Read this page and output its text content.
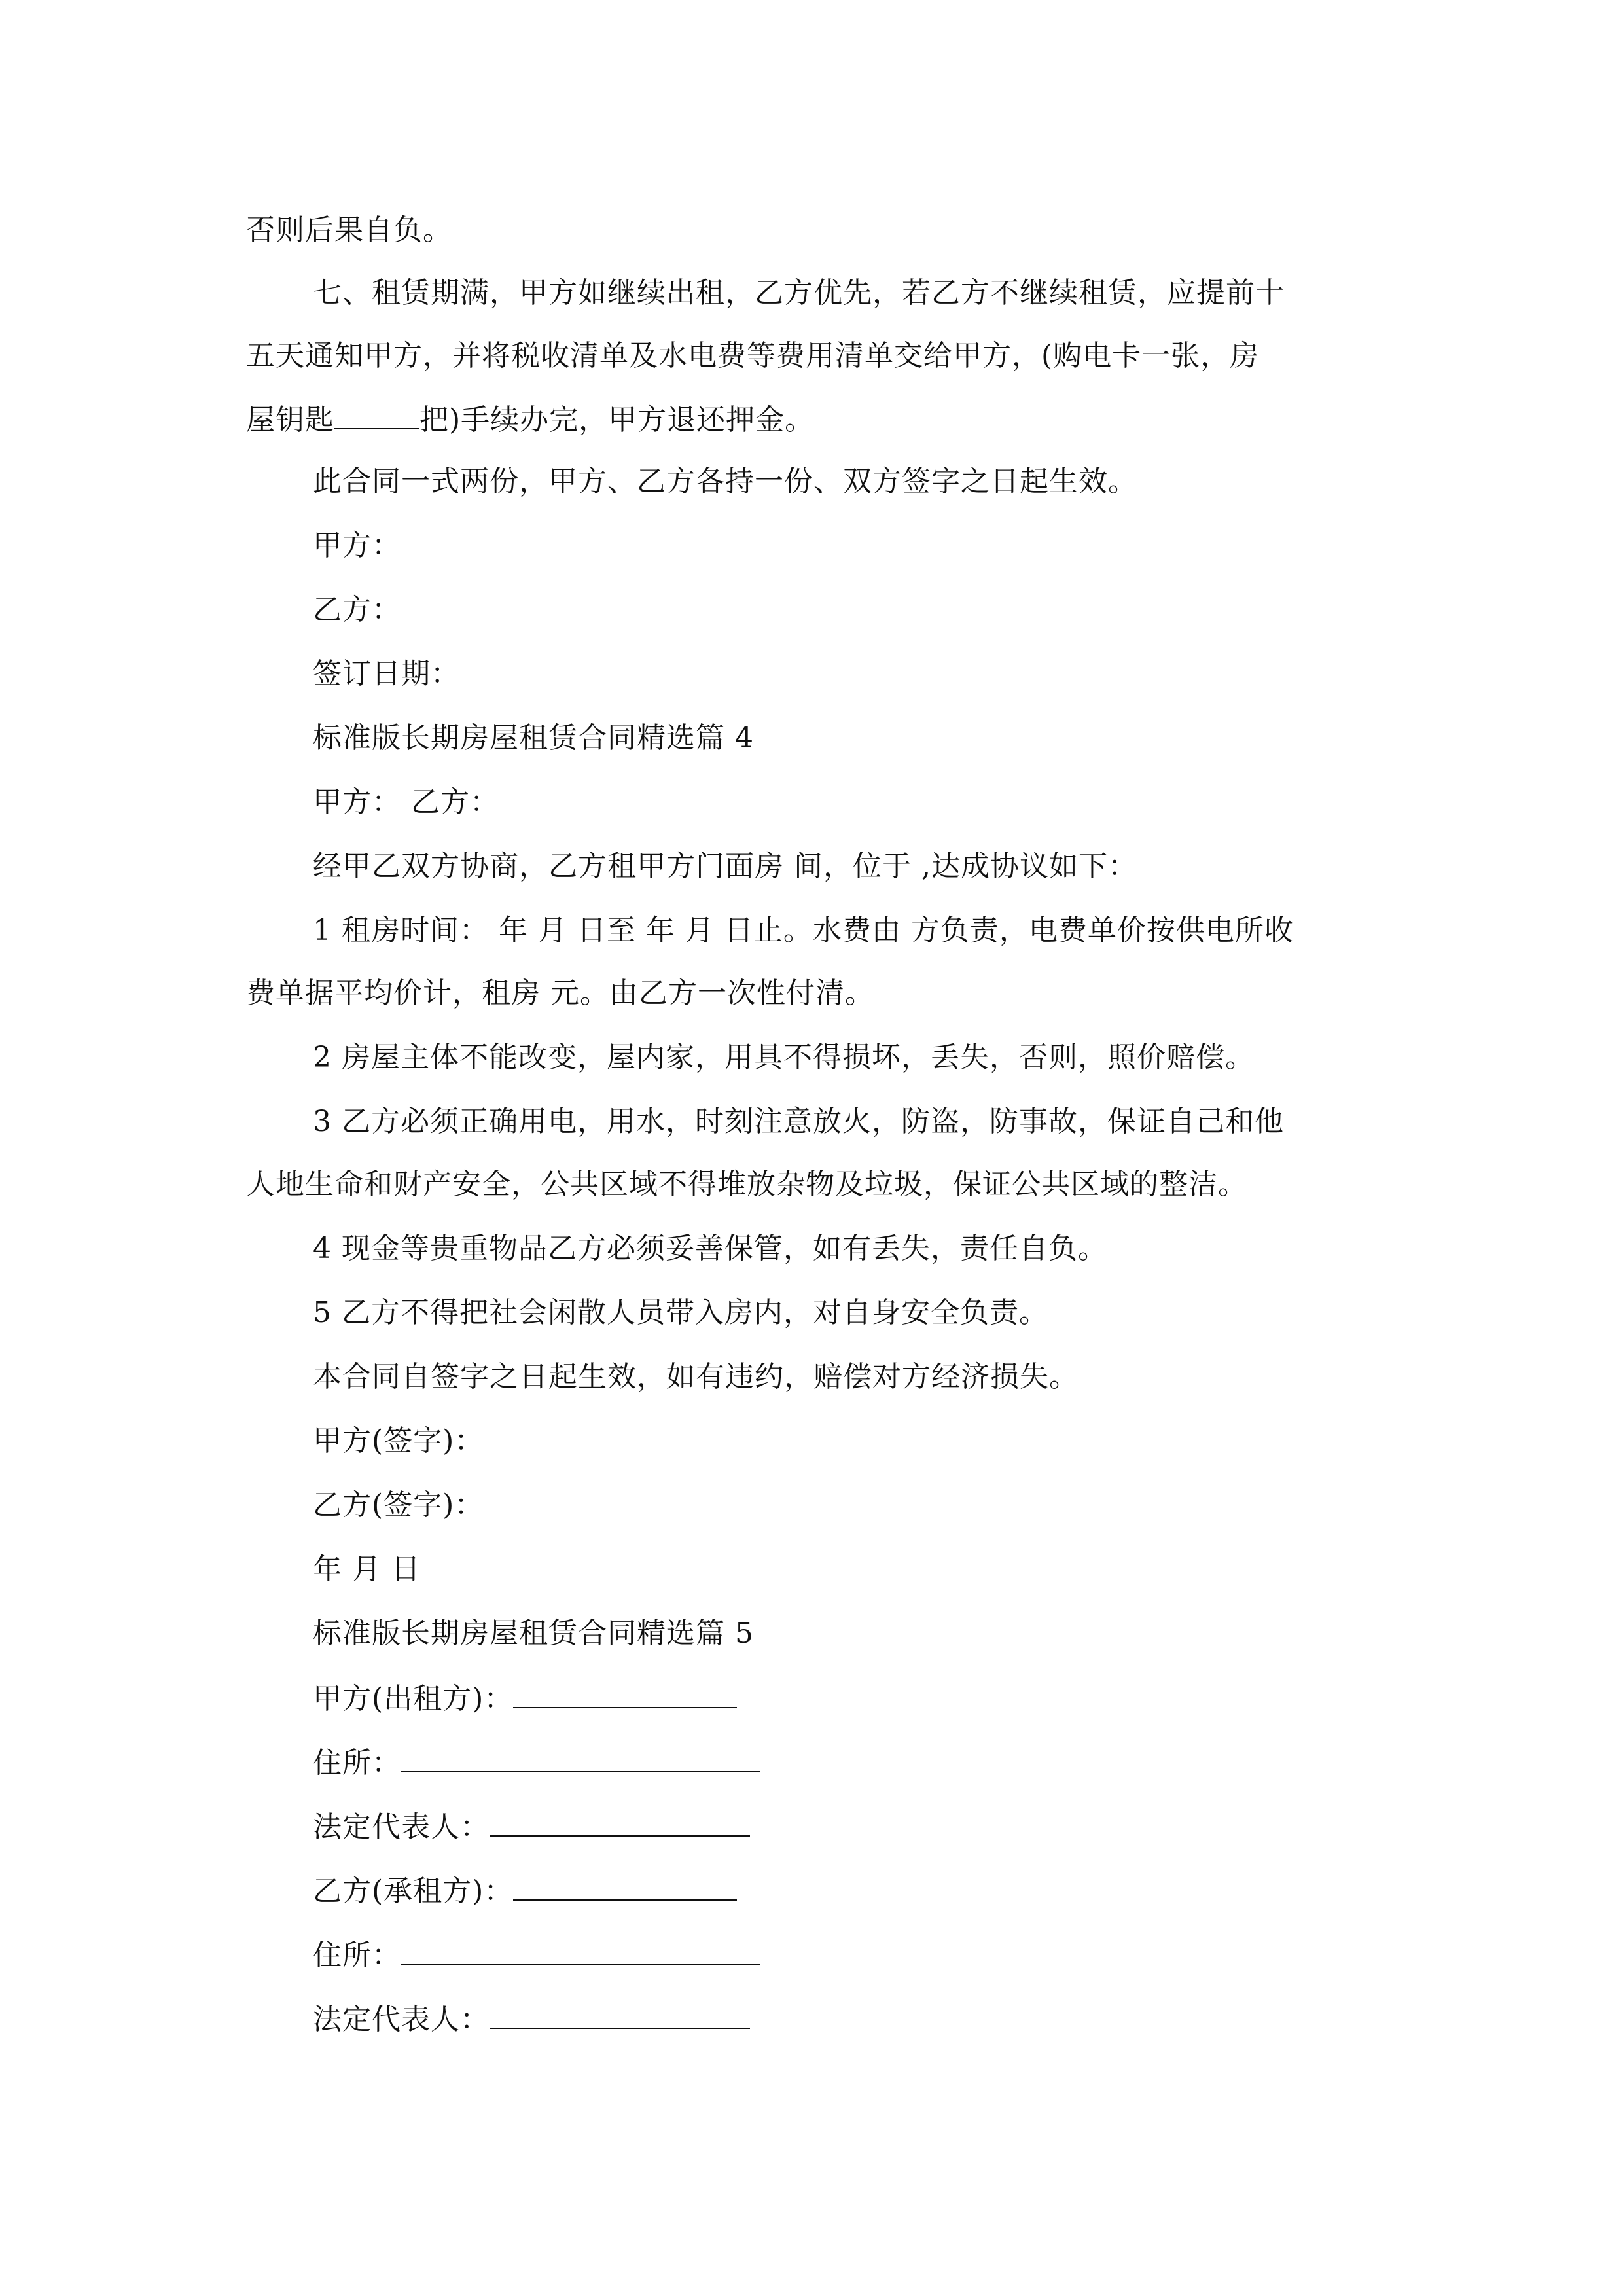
否则后果自负。
七、租赁期满，甲方如继续出租，乙方优先，若乙方不继续租赁，应提前十
五天通知甲方，并将税收清单及水电费等费用清单交给甲方，(购电卡一张，房
屋钥匙	把)手续办完，甲方退还押金。
此合同一式两份，甲方、乙方各持一份、双方签字之日起生效。
甲方：
乙方：
签订日期：
标准版长期房屋租赁合同精选篇 4
甲方： 乙方：
经甲乙双方协商，乙方租甲方门面房 间，位于 ,达成协议如下：
1 租房时间： 年 月 日至 年 月 日止。水费由 方负责，电费单价按供电所收
费单据平均价计，租房 元。由乙方一次性付清。
2 房屋主体不能改变，屋内家，用具不得损坏，丢失，否则，照价赔偿。
3 乙方必须正确用电，用水，时刻注意放火，防盗，防事故，保证自己和他
人地生命和财产安全，公共区域不得堆放杂物及垃圾，保证公共区域的整洁。
4 现金等贵重物品乙方必须妥善保管，如有丢失，责任自负。
5 乙方不得把社会闲散人员带入房内，对自身安全负责。
本合同自签字之日起生效，如有违约，赔偿对方经济损失。
甲方(签字)：
乙方(签字)：
年 月 日
标准版长期房屋租赁合同精选篇 5
甲方(出租方)：
住所：
法定代表人：
乙方(承租方)：
住所：
法定代表人：
